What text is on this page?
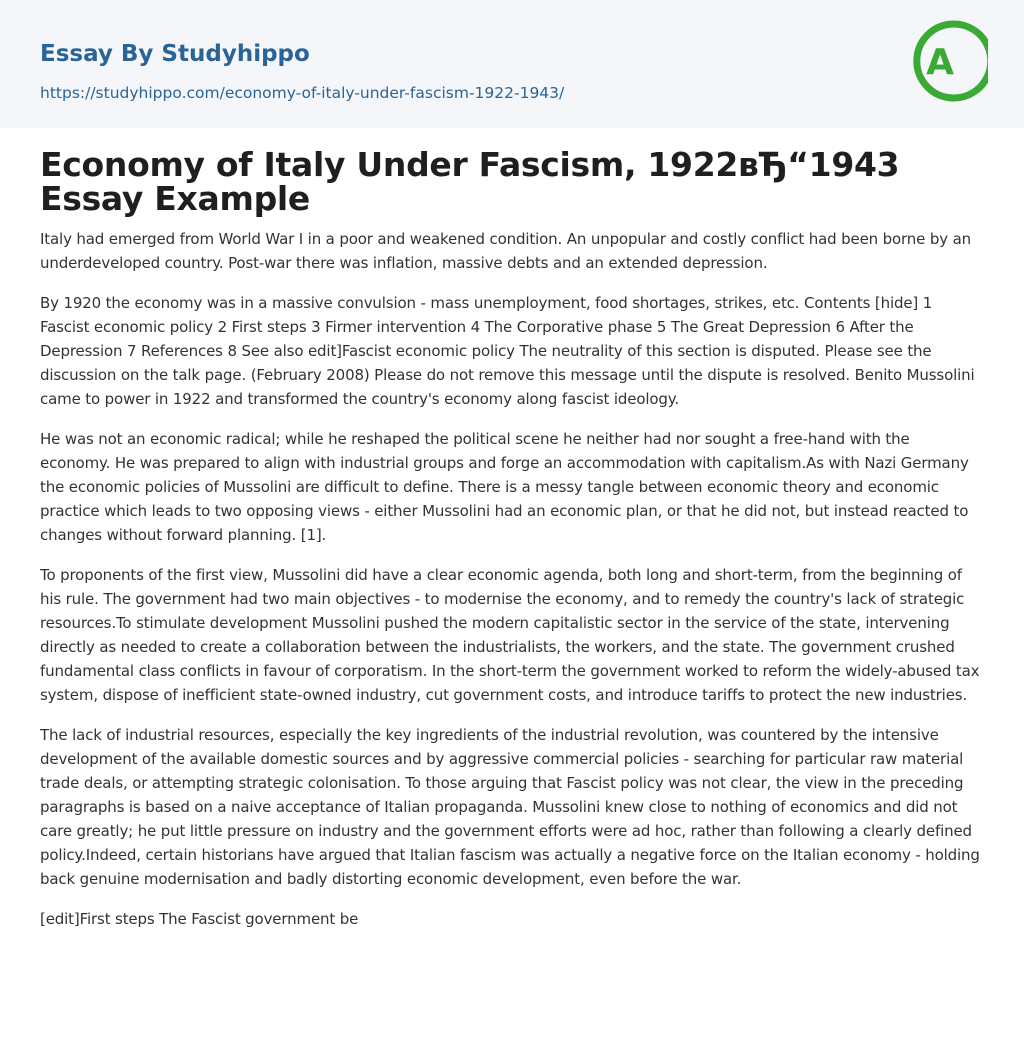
Essay By Studyhippo
https://studyhippo.com/economy-of-italy-under-fascism-1922-1943/
A
Economy of Italy Under Fascism, 1922вЂ“1943 Essay Example

Italy had emerged from World War I in a poor and weakened condition. An unpopular and costly conflict had been borne by an underdeveloped country. Post-war there was inflation, massive debts and an extended depression.

By 1920 the economy was in a massive convulsion - mass unemployment, food shortages, strikes, etc. Contents [hide] 1 Fascist economic policy 2 First steps 3 Firmer intervention 4 The Corporative phase 5 The Great Depression 6 After the Depression 7 References 8 See also edit]Fascist economic policy The neutrality of this section is disputed. Please see the discussion on the talk page. (February 2008) Please do not remove this message until the dispute is resolved. Benito Mussolini came to power in 1922 and transformed the country's economy along fascist ideology.

He was not an economic radical; while he reshaped the political scene he neither had nor sought a free-hand with the economy. He was prepared to align with industrial groups and forge an accommodation with capitalism.As with Nazi Germany the economic policies of Mussolini are difficult to define. There is a messy tangle between economic theory and economic practice which leads to two opposing views - either Mussolini had an economic plan, or that he did not, but instead reacted to changes without forward planning. [1].

To proponents of the first view, Mussolini did have a clear economic agenda, both long and short-term, from the beginning of his rule. The government had two main objectives - to modernise the economy, and to remedy the country's lack of strategic resources.To stimulate development Mussolini pushed the modern capitalistic sector in the service of the state, intervening directly as needed to create a collaboration between the industrialists, the workers, and the state. The government crushed fundamental class conflicts in favour of corporatism. In the short-term the government worked to reform the widely-abused tax system, dispose of inefficient state-owned industry, cut government costs, and introduce tariffs to protect the new industries.

The lack of industrial resources, especially the key ingredients of the industrial revolution, was countered by the intensive development of the available domestic sources and by aggressive commercial policies - searching for particular raw material trade deals, or attempting strategic colonisation. To those arguing that Fascist policy was not clear, the view in the preceding paragraphs is based on a naive acceptance of Italian propaganda. Mussolini knew close to nothing of economics and did not care greatly; he put little pressure on industry and the government efforts were ad hoc, rather than following a clearly defined policy.Indeed, certain historians have argued that Italian fascism was actually a negative force on the Italian economy - holding back genuine modernisation and badly distorting economic development, even before the war.

[edit]First steps The Fascist government be
